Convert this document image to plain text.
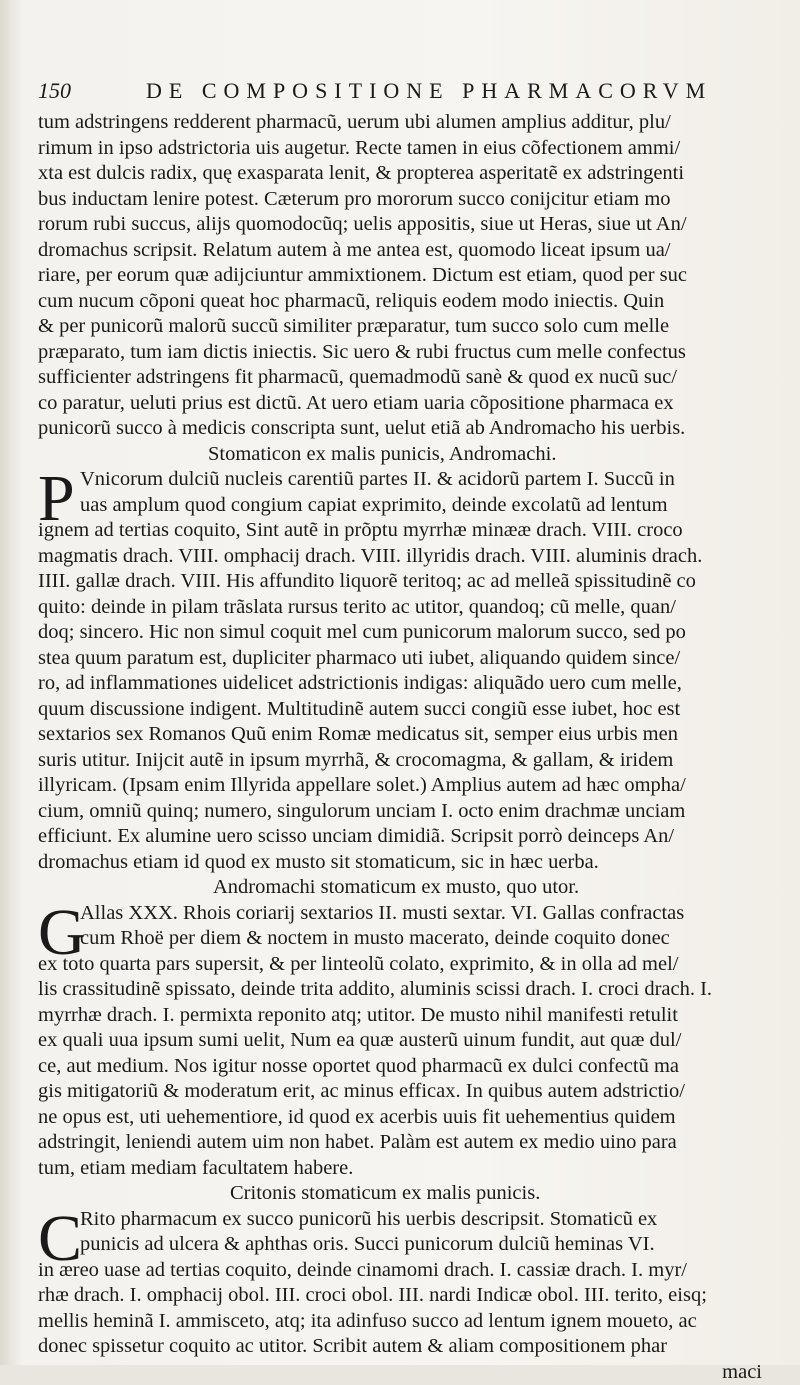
150	DE COMPOSITIONE PHARMACORVM
tum adstringens redderent pharmacũ, uerum ubi alumen amplius additur, plu/
rimum in ipso adstrictoria uis augetur. Recte tamen in eius cõfectionem ammi/
xta est dulcis radix, quę exasparata lenit, & propterea asperitatẽ ex adstringenti
bus inductam lenire potest. Cæterum pro mororum succo conijcitur etiam mo
rorum rubi succus, alijs quomodocũq; uelis appositis, siue ut Heras, siue ut An/
dromachus scripsit. Relatum autem à me antea est, quomodo liceat ipsum ua/
riare, per eorum quæ adijciuntur ammixtionem. Dictum est etiam, quod per suc
cum nucum cõponi queat hoc pharmacũ, reliquis eodem modo iniectis. Quin
& per punicorũ malorũ succũ similiter præparatur, tum succo solo cum melle
præparato, tum iam dictis iniectis. Sic uero & rubi fructus cum melle confectus
sufficienter adstringens fit pharmacũ, quemadmodũ sanè & quod ex nucũ suc/
co paratur, ueluti prius est dictũ. At uero etiam uaria cõpositione pharmaca ex
punicorũ succo à medicis conscripta sunt, uelut etiã ab Andromacho his uerbis.
Stomaticon ex malis punicis, Andromachi.
P Vnicorum dulciũ nucleis carentiũ partes II. & acidorũ partem I. Succũ in
uas amplum quod congium capiat exprimito, deinde excolatũ ad lentum
ignem ad tertias coquito, Sint autẽ in prõptu myrrhæ minææ drach. VIII. croco
magmatis drach. VIII. omphacij drach. VIII. illyridis drach. VIII. aluminis drach.
IIII. gallæ drach. VIII. His affundito liquorẽ teritoq; ac ad melleã spissitudinẽ co
quito: deinde in pilam trãslata rursus terito ac utitor, quandoq; cũ melle, quan/
doq; sincero. Hic non simul coquit mel cum punicorum malorum succo, sed po
stea quum paratum est, dupliciter pharmaco uti iubet, aliquando quidem since/
ro, ad inflammationes uidelicet adstrictionis indigas: aliquãdo uero cum melle,
quum discussione indigent. Multitudinẽ autem succi congiũ esse iubet, hoc est
sextarios sex Romanos Quũ enim Romæ medicatus sit, semper eius urbis men
suris utitur. Inijcit autẽ in ipsum myrrhã, & crocomagma, & gallam, & iridem
illyricam. (Ipsam enim Illyrida appellare solet.) Amplius autem ad hæc ompha/
cium, omniũ quinq; numero, singulorum unciam I. octo enim drachmæ unciam
efficiunt. Ex alumine uero scisso unciam dimidiã. Scripsit porrò deinceps An/
dromachus etiam id quod ex musto sit stomaticum, sic in hæc uerba.
Andromachi stomaticum ex musto, quo utor.
G
Allas XXX. Rhois coriarij sextarios II. musti sextar. VI. Gallas confractas
cum Rhoë per diem & noctem in musto macerato, deinde coquito donec
ex toto quarta pars supersit, & per linteolũ colato, exprimito, & in olla ad mel/
lis crassitudinẽ spissato, deinde trita addito, aluminis scissi drach. I. croci drach. I.
myrrhæ drach. I. permixta reponito atq; utitor. De musto nihil manifesti retulit
ex quali uua ipsum sumi uelit, Num ea quæ austerũ uinum fundit, aut quæ dul/
ce, aut medium. Nos igitur nosse oportet quod pharmacũ ex dulci confectũ ma
gis mitigatoriũ & moderatum erit, ac minus efficax. In quibus autem adstrictio/
ne opus est, uti uehementiore, id quod ex acerbis uuis fit uehementius quidem
adstringit, leniendi autem uim non habet. Palàm est autem ex medio uino para
tum, etiam mediam facultatem habere.
Critonis stomaticum ex malis punicis.
C
Rito pharmacum ex succo punicorũ his uerbis descripsit. Stomaticũ ex
punicis ad ulcera & aphthas oris. Succi punicorum dulciũ heminas VI.
in æreo uase ad tertias coquito, deinde cinamomi drach. I. cassiæ drach. I. myr/
rhæ drach. I. omphacij obol. III. croci obol. III. nardi Indicæ obol. III. terito, eisq;
mellis heminã I. ammisceto, atq; ita adinfuso succo ad lentum ignem moueto, ac
donec spissetur coquito ac utitor. Scribit autem & aliam compositionem phar
maci
